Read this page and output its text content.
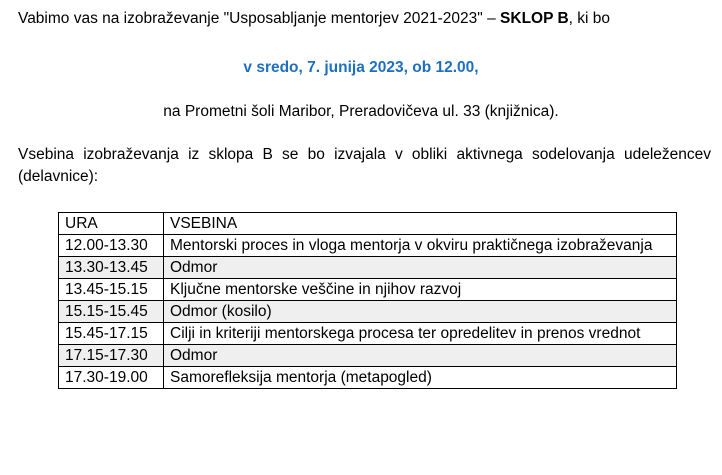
Vabimo vas na izobraževanje "Usposabljanje mentorjev 2021-2023" – SKLOP B, ki bo
v sredo, 7. junija 2023, ob 12.00,
na Prometni šoli Maribor, Preradovičeva ul. 33 (knjižnica).
Vsebina izobraževanja iz sklopa B se bo izvajala v obliki aktivnega sodelovanja udeležencev (delavnice):
URA	VSEBINA
12.00-13.30	Mentorski proces in vloga mentorja v okviru praktičnega izobraževanja
13.30-13.45	Odmor
13.45-15.15	Ključne mentorske veščine in njihov razvoj
15.15-15.45	Odmor (kosilo)
15.45-17.15	Cilji in kriteriji mentorskega procesa ter opredelitev in prenos vrednot
17.15-17.30	Odmor
17.30-19.00	Samorefleksija mentorja (metapogled)
